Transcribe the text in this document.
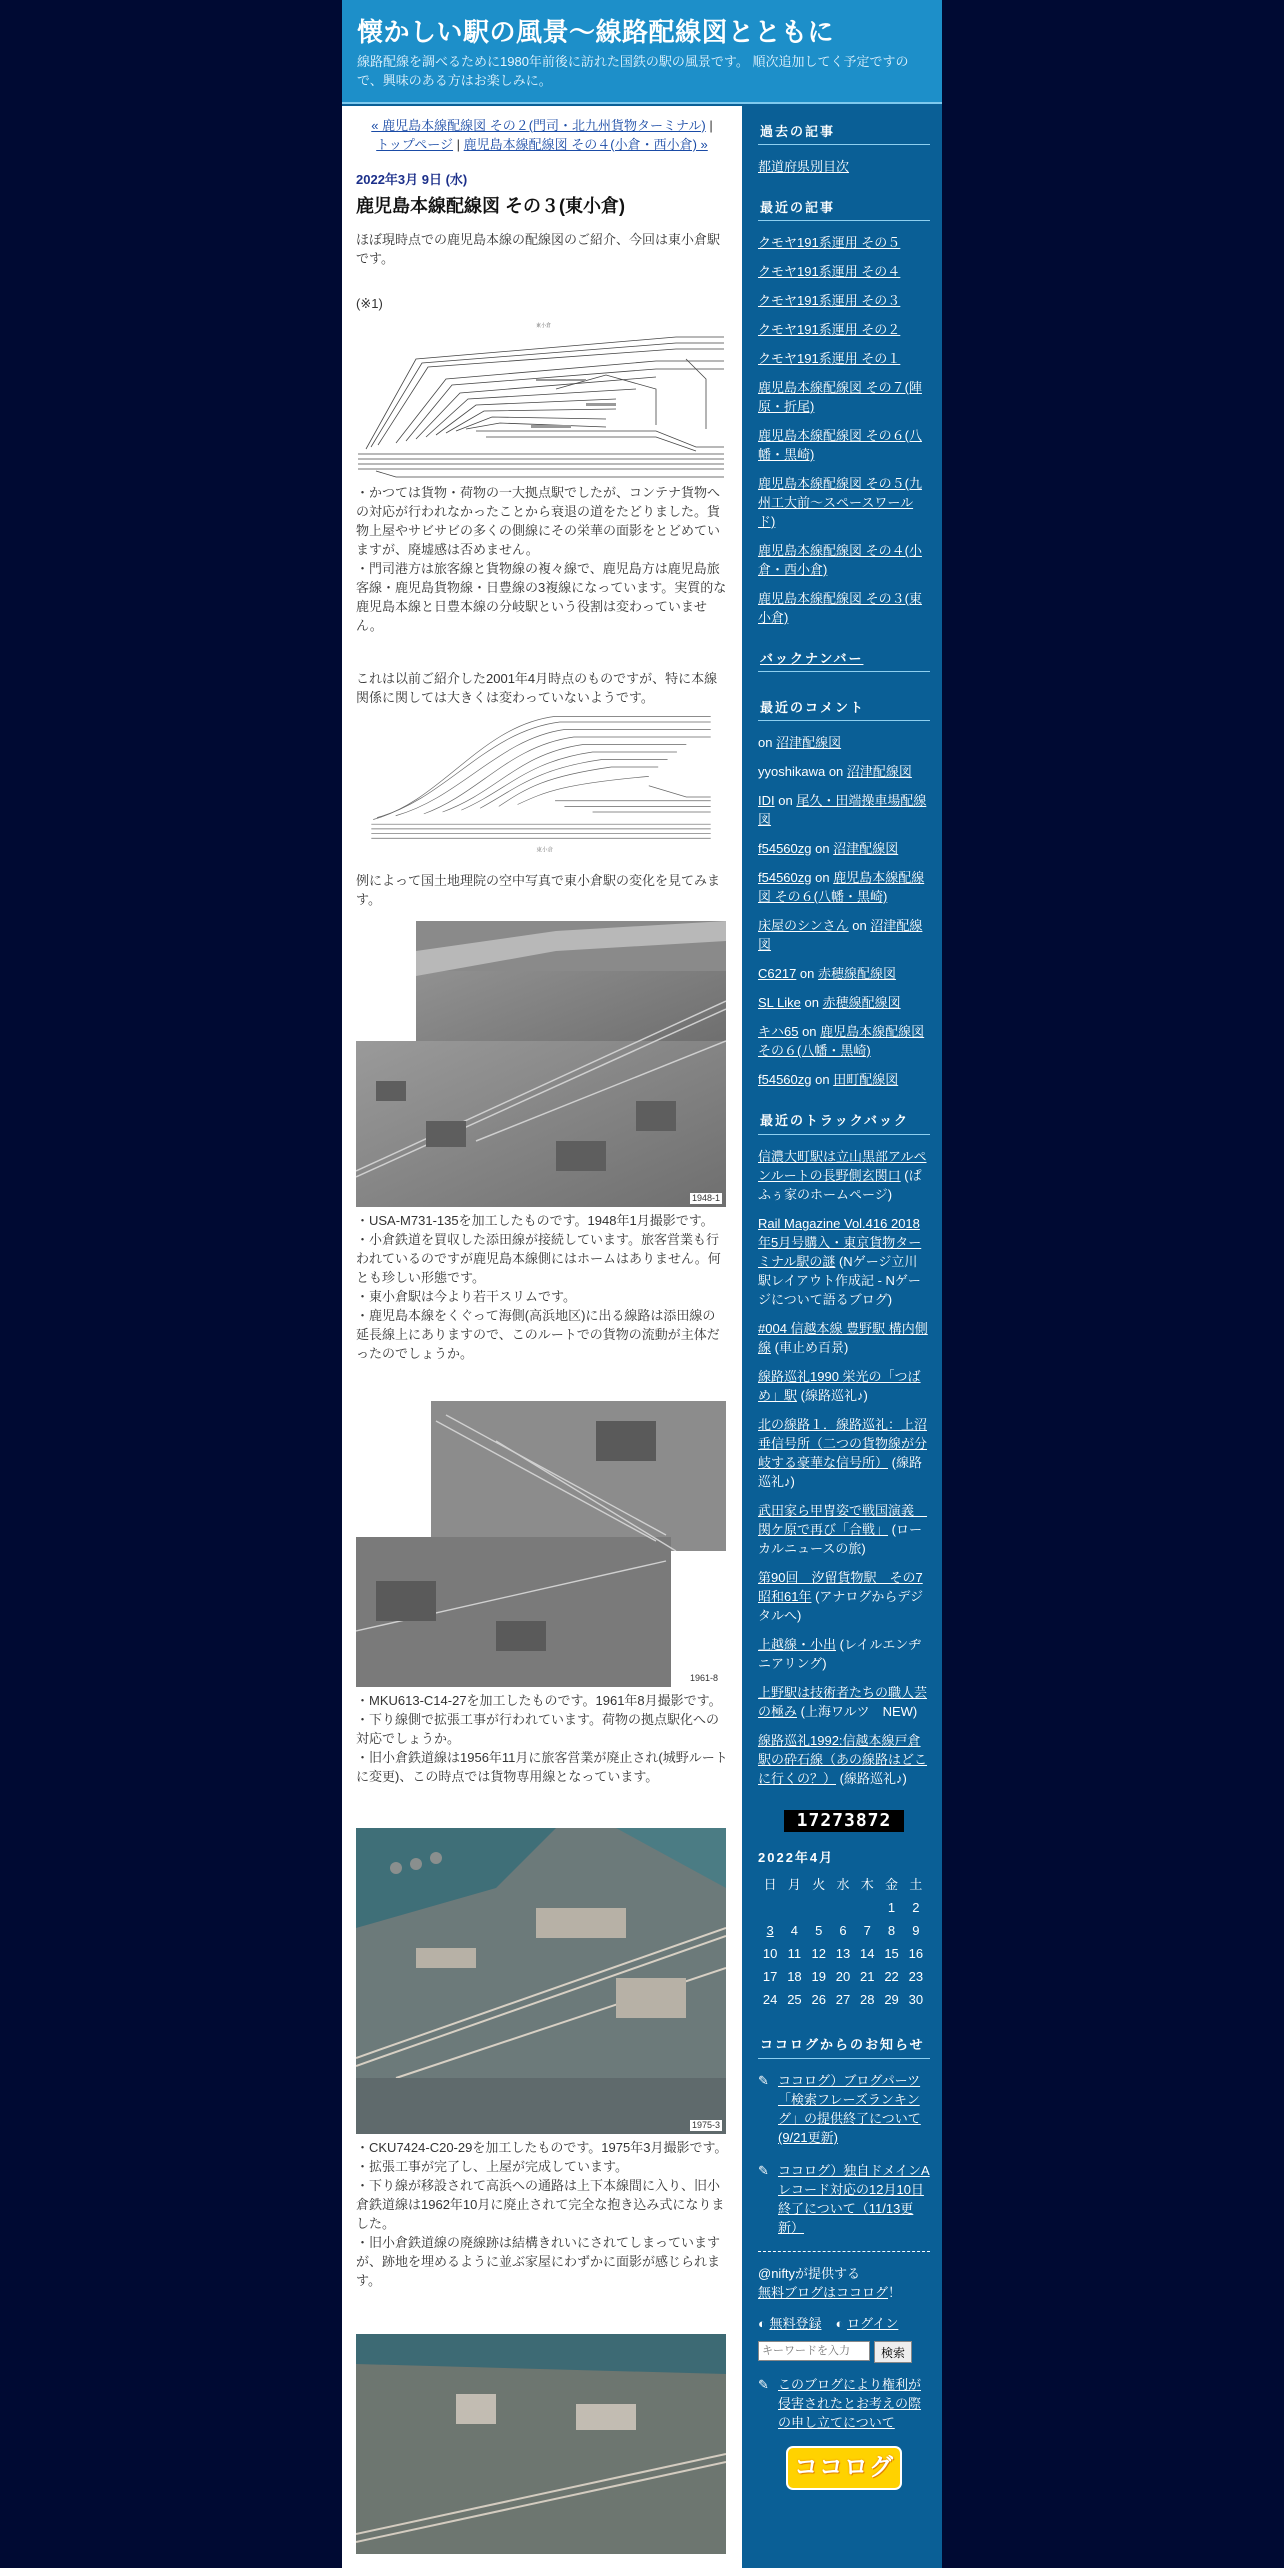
懐かしい駅の風景～線路配線図とともに

線路配線を調べるために1980年前後に訪れた国鉄の駅の風景です。 順次追加してく予定ですので、興味のある方はお楽しみに。

« 鹿児島本線配線図 その２(門司・北九州貨物ターミナル) |
トップページ | 鹿児島本線配線図 その４(小倉・西小倉) »
2022年3月 9日 (水)
鹿児島本線配線図 その３(東小倉)

ほぼ現時点での鹿児島本線の配線図のご紹介、今回は東小倉駅です。

(※1)

東小倉

・かつては貨物・荷物の一大拠点駅でしたが、コンテナ貨物への対応が行われなかったことから衰退の道をたどりました。貨物上屋やサビサビの多くの側線にその栄華の面影をとどめていますが、廃墟感は否めません。
・門司港方は旅客線と貨物線の複々線で、鹿児島方は鹿児島旅客線・鹿児島貨物線・日豊線の3複線になっています。実質的な鹿児島本線と日豊本線の分岐駅という役割は変わっていません。

これは以前ご紹介した2001年4月時点のものですが、特に本線関係に関しては大きくは変わっていないようです。

東小倉

例によって国土地理院の空中写真で東小倉駅の変化を見てみます。

1948-1

・USA-M731-135を加工したものです。1948年1月撮影です。
・小倉鉄道を買収した添田線が接続しています。旅客営業も行われているのですが鹿児島本線側にはホームはありません。何とも珍しい形態です。
・東小倉駅は今より若干スリムです。
・鹿児島本線をくぐって海側(高浜地区)に出る線路は添田線の延長線上にありますので、このルートでの貨物の流動が主体だったのでしょうか。

1961-8

・MKU613-C14-27を加工したものです。1961年8月撮影です。
・下り線側で拡張工事が行われています。荷物の拠点駅化への対応でしょうか。
・旧小倉鉄道線は1956年11月に旅客営業が廃止され(城野ルートに変更)、この時点では貨物専用線となっています。

1975-3

・CKU7424-C20-29を加工したものです。1975年3月撮影です。
・拡張工事が完了し、上屋が完成しています。
・下り線が移設されて高浜への通路は上下本線間に入り、旧小倉鉄道線は1962年10月に廃止されて完全な抱き込み式になりました。
・旧小倉鉄道線の廃線跡は結構きれいにされてしまっていますが、跡地を埋めるように並ぶ家屋にわずかに面影が感じられます。

過去の記事
都道府県別目次
最近の記事
クモヤ191系運用 その５
クモヤ191系運用 その４
クモヤ191系運用 その３
クモヤ191系運用 その２
クモヤ191系運用 その１
鹿児島本線配線図 その７(陣原・折尾)
鹿児島本線配線図 その６(八幡・黒崎)
鹿児島本線配線図 その５(九州工大前～スペースワールド)
鹿児島本線配線図 その４(小倉・西小倉)
鹿児島本線配線図 その３(東小倉)
バックナンバー
最近のコメント
on 沼津配線図
yyoshikawa on 沼津配線図
IDI on 尾久・田端操車場配線図
f54560zg on 沼津配線図
f54560zg on 鹿児島本線配線図 その６(八幡・黒崎)
床屋のシンさん on 沼津配線図
C6217 on 赤穂線配線図
SL Like on 赤穂線配線図
キハ65 on 鹿児島本線配線図 その６(八幡・黒崎)
f54560zg on 田町配線図
最近のトラックバック
信濃大町駅は立山黒部アルペンルートの長野側玄関口 (ぱふぅ家のホームページ)
Rail Magazine Vol.416 2018年5月号購入・東京貨物ターミナル駅の謎 (Nゲージ立川駅レイアウト作成記 - Nゲージについて語るブログ)
#004 信越本線 豊野駅 構内側線 (車止め百景)
線路巡礼1990 栄光の「つばめ」駅 (線路巡礼♪)
北の線路１．線路巡礼：上沼垂信号所（二つの貨物線が分岐する豪華な信号所） (線路巡礼♪)
武田家ら甲冑姿で戦国演義　関ケ原で再び「合戦」 (ローカルニュースの旅)
第90回　汐留貨物駅　その7 昭和61年 (アナログからデジタルへ)
上越線・小出 (レイルエンヂニアリング)
上野駅は技術者たちの職人芸の極み (上海ワルツ　NEW)
線路巡礼1992:信越本線戸倉駅の砕石線（あの線路はどこに行くの？） (線路巡礼♪)
17273872
2022年4月
日	月	火	水	木	金	土
					1	2
3	4	5	6	7	8	9
10	11	12	13	14	15	16
17	18	19	20	21	22	23
24	25	26	27	28	29	30
ココログからのお知らせ
✎ ココログ）ブログパーツ「検索フレーズランキング」の提供終了について(9/21更新)
✎ ココログ）独自ドメインAレコード対応の12月10日終了について（11/13更新）
@niftyが提供する
無料ブログはココログ！
◐ 無料登録 ◐ ログイン
キーワードを入力
検索
✎ このブログにより権利が侵害されたとお考えの際の申し立てについて
ココログ
